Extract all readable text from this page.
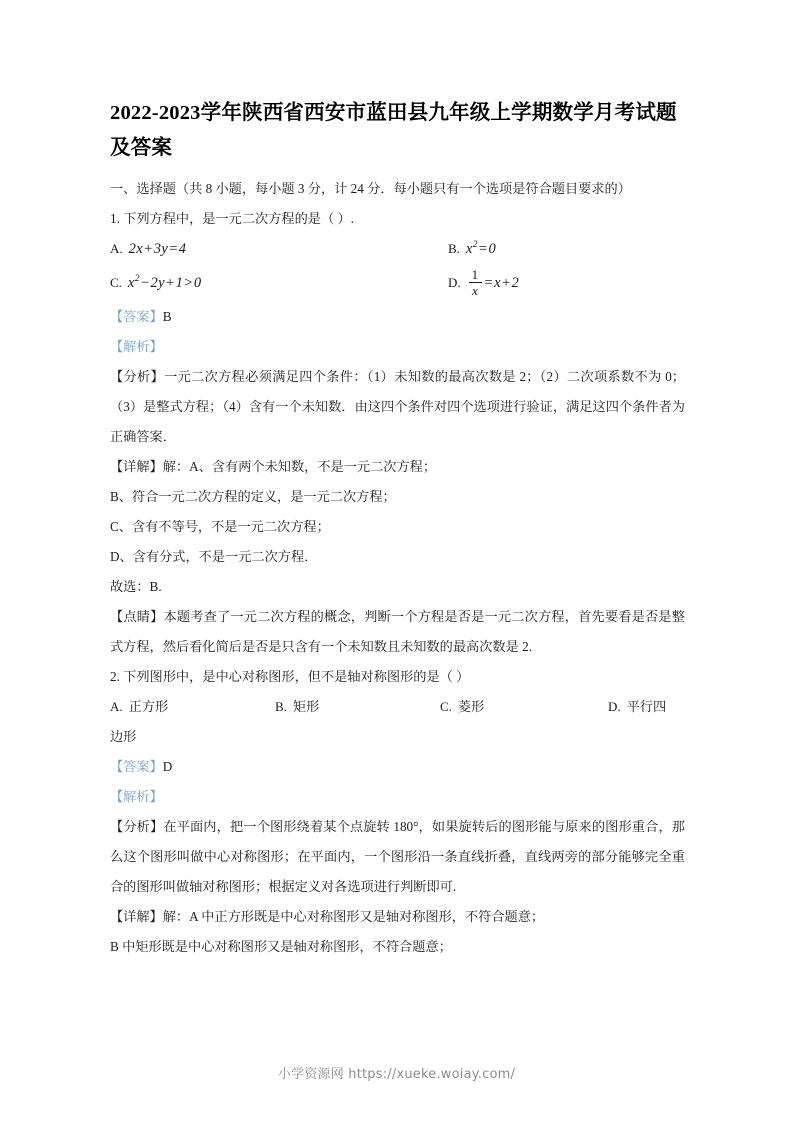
2022-2023学年陕西省西安市蓝田县九年级上学期数学月考试题及答案

一、选择题（共 8 小题，每小题 3 分，计 24 分．每小题只有一个选项是符合题目要求的）

1. 下列方程中，是一元二次方程的是（ ）.

A. 2x+3y=4	B. $x^2=0$
C. $x^2-2y+1>0$	D. $\frac{1}{x} =x+2$

【答案】B

【解析】

【分析】一元二次方程必须满足四个条件：（1）未知数的最高次数是 2；（2）二次项系数不为 0；（3）是整式方程；（4）含有一个未知数．由这四个条件对四个选项进行验证，满足这四个条件者为正确答案．

【详解】解：A、含有两个未知数，不是一元二次方程；

B、符合一元二次方程的定义，是一元二次方程；

C、含有不等号，不是一元二次方程；

D、含有分式，不是一元二次方程．

故选：B.

【点睛】本题考查了一元二次方程的概念，判断一个方程是否是一元二次方程，首先要看是否是整式方程，然后看化简后是否是只含有一个未知数且未知数的最高次数是 2.

2. 下列图形中，是中心对称图形，但不是轴对称图形的是（ ）

A. 正方形	B. 矩形	C. 菱形	D. 平行四

边形

【答案】D

【解析】

【分析】在平面内，把一个图形绕着某个点旋转 180°，如果旋转后的图形能与原来的图形重合，那么这个图形叫做中心对称图形；在平面内，一个图形沿一条直线折叠，直线两旁的部分能够完全重合的图形叫做轴对称图形；根据定义对各选项进行判断即可.

【详解】解：A 中正方形既是中心对称图形又是轴对称图形，不符合题意；

B 中矩形既是中心对称图形又是轴对称图形，不符合题意；

小学资源网 https://xueke.woiay.com/
